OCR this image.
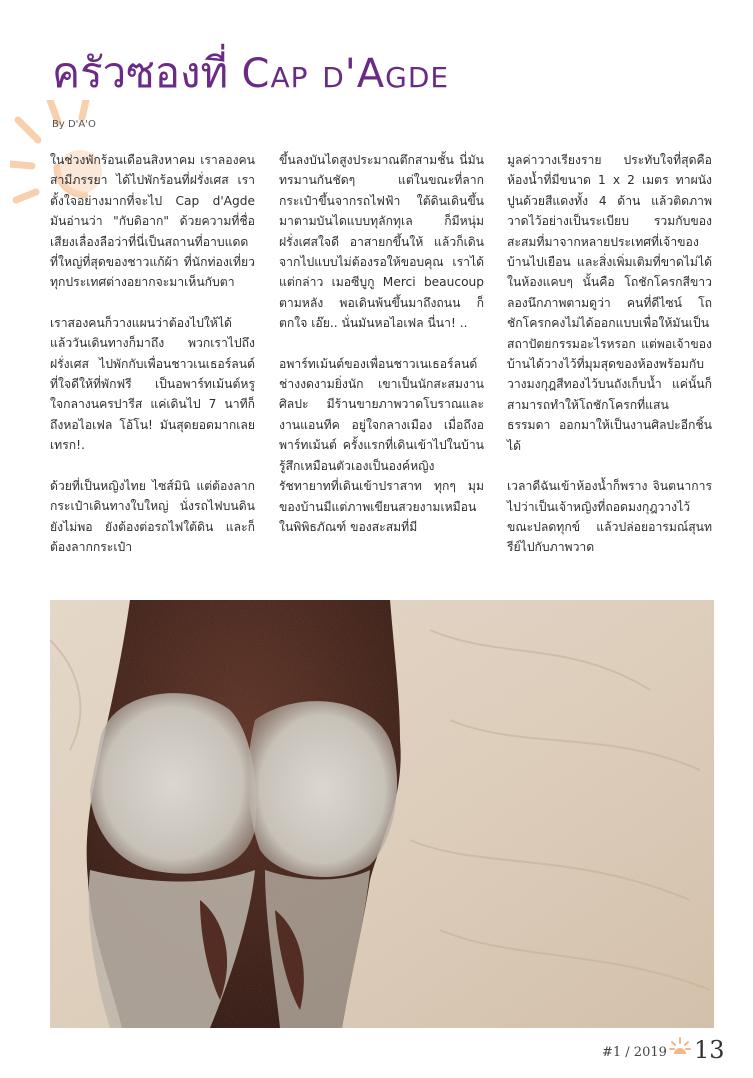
ครัวซองที่ Cap d'Agde
By D'A'O

ในช่วงพักร้อนเดือนสิงหาคม เราลองคนสามีภรรยา ได้ไปพักร้อนที่ฝรั่งเศส เราตั้งใจอย่างมากที่จะไป Cap d'Agde มันอ่านว่า "กับดิอาก" ด้วยความที่ชื่อเสียงเลื่องลือว่าที่นี่เป็นสถานที่อาบแดดที่ใหญ่ที่สุดของชาวแก้ผ้า ที่นักท่องเที่ยวทุกประเทศต่างอยากจะมาเห็นกับตา

เราสองคนก็วางแผนว่าต้องไปให้ได้ แล้ววันเดินทางก็มาถึง พวกเราไปถึงฝรั่งเศส ไปพักกับเพื่อนชาวเนเธอร์ลนด์ที่ใจดีให้ที่พักฟรี เป็นอพาร์ทเม้นต์หรูใจกลางนครปารีส แค่เดินไป 7 นาทีก็ถึงหอไอเฟล โอ้โน! มันสุดยอดมากเลยเทรก!.

ด้วยที่เป็นหญิงไทย ไซส์มินิ แต่ต้องลากกระเป๋าเดินทางใบใหญ่ นั่งรถไฟบนดินยังไม่พอ ยังต้องต่อรถไฟใต้ดิน และก็ต้องลากกระเป๋า

ขึ้นลงบันไดสูงประมาณตึกสามชั้น นี่มันทรมานกันชัดๆ แต่ในขณะที่ลากกระเป๋าขึ้นจากรถไฟฟ้า ใต้ดินเดินขึ้นมาตามบันไดแบบทุลักทุเล ก็มีหนุ่มฝรั่งเศสใจดี อาสายกขึ้นให้ แล้วก็เดินจากไปแบบไม่ต้องรอให้ขอบคุณ เราได้แต่กล่าว เมอซีบูกู Merci beaucoup ตามหลัง พอเดินพ้นขึ้นมาถึงถนน ก็ตกใจ เอ๊ย.. นั่นมันหอไอเฟล นี่นา! ..

อพาร์ทเม้นต์ของเพื่อนชาวเนเธอร์ลนด์ ช่างงดงามยิ่งนัก เขาเป็นนักสะสมงานศิลปะ มีร้านขายภาพวาดโบราณและงานแอนทีค อยู่ใจกลางเมือง เมื่อถึงอพาร์ทเม้นต์ ครั้งแรกที่เดินเข้าไปในบ้าน รู้สึกเหมือนตัวเองเป็นองค์หญิงรัชทายาทที่เดินเข้าปราสาท ทุกๆ มุมของบ้านมีแต่ภาพเขียนสวยงามเหมือนในพิพิธภัณฑ์ ของสะสมที่มี

มูลค่าวางเรียงราย ประทับใจที่สุดคือห้องน้ำที่มีขนาด 1 x 2 เมตร ทาผนังปูนด้วยสีแดงทั้ง 4 ด้าน แล้วติดภาพวาดไว้อย่างเป็นระเบียบ รวมกับของสะสมที่มาจากหลายประเทศที่เจ้าของบ้านไปเยือน และสิ่งเพิ่มเติมที่ขาดไม่ได้ในห้องแคบๆ นั้นคือ โถชักโครกสีขาว ลองนึกภาพตามดูว่า คนที่ดีไซน์ โถชักโครกคงไม่ได้ออกแบบเพื่อให้มันเป็นสถาปัตยกรรมอะไรหรอก แต่พอเจ้าของบ้านได้วางไว้ที่มุมสุดของห้องพร้อมกับวางมงกุฎสีทองไว้บนถังเก็บน้ำ แค่นั้นก็สามารถทำให้โถชักโครกที่แสนธรรมดา ออกมาให้เป็นงานศิลปะอีกชิ้นได้

เวลาดีฉันเข้าห้องน้ำก็พราง จินตนาการไปว่าเป็นเจ้าหญิงที่ถอดมงกุฎวางไว้ขณะปลดทุกข์ แล้วปล่อยอารมณ์สุนทรีย์ไปกับภาพวาด

#1 / 2019 13
